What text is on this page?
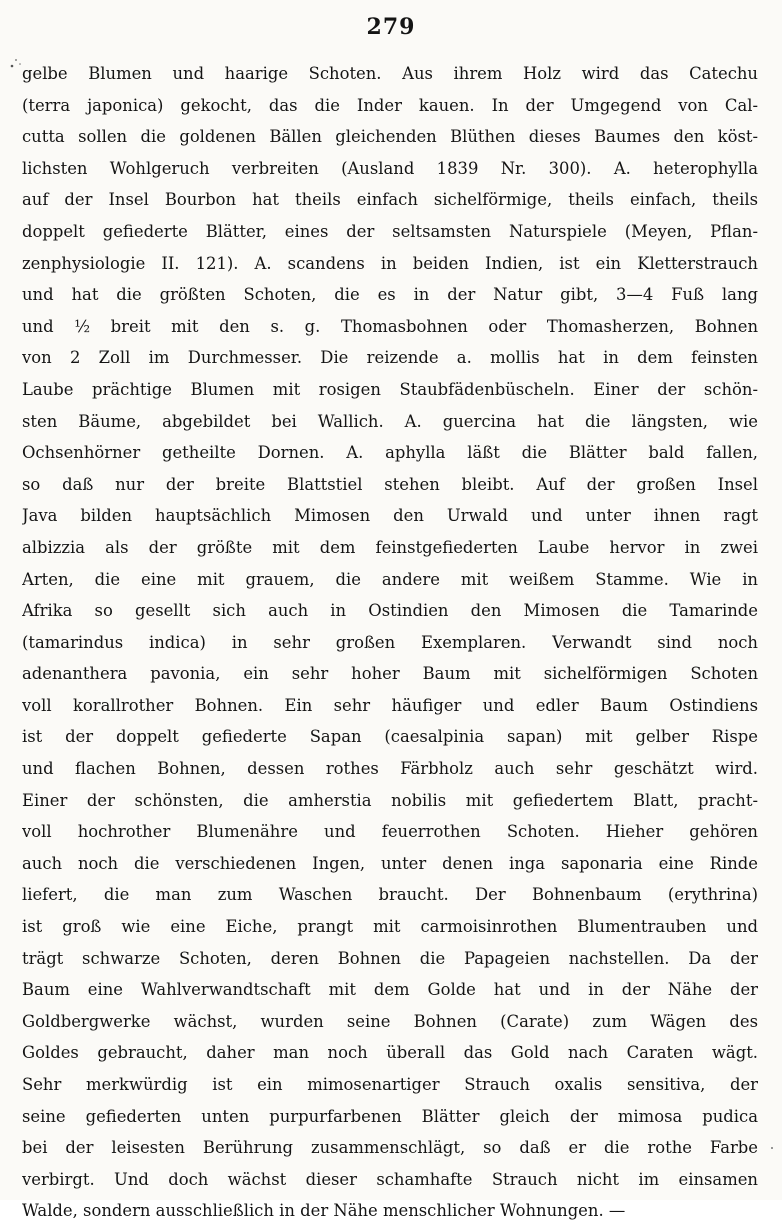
279
gelbe Blumen und haarige Schoten. Aus ihrem Holz wird das Catechu
(terra japonica) gekocht, das die Inder kauen. In der Umgegend von Cal-
cutta sollen die goldenen Bällen gleichenden Blüthen dieses Baumes den köst-
lichsten Wohlgeruch verbreiten (Ausland 1839 Nr. 300). A. heterophylla
auf der Insel Bourbon hat theils einfach sichelförmige, theils einfach, theils
doppelt gefiederte Blätter, eines der seltsamsten Naturspiele (Meyen, Pflan-
zenphysiologie II. 121). A. scandens in beiden Indien, ist ein Kletterstrauch
und hat die größten Schoten, die es in der Natur gibt, 3—4 Fuß lang
und ½ breit mit den s. g. Thomasbohnen oder Thomasherzen, Bohnen
von 2 Zoll im Durchmesser. Die reizende a. mollis hat in dem feinsten
Laube prächtige Blumen mit rosigen Staubfädenbüscheln. Einer der schön-
sten Bäume, abgebildet bei Wallich. A. guercina hat die längsten, wie
Ochsenhörner getheilte Dornen. A. aphylla läßt die Blätter bald fallen,
so daß nur der breite Blattstiel stehen bleibt. Auf der großen Insel
Java bilden hauptsächlich Mimosen den Urwald und unter ihnen ragt
albizzia als der größte mit dem feinstgefiederten Laube hervor in zwei
Arten, die eine mit grauem, die andere mit weißem Stamme. Wie in
Afrika so gesellt sich auch in Ostindien den Mimosen die Tamarinde
(tamarindus indica) in sehr großen Exemplaren. Verwandt sind noch
adenanthera pavonia, ein sehr hoher Baum mit sichelförmigen Schoten
voll korallrother Bohnen. Ein sehr häufiger und edler Baum Ostindiens
ist der doppelt gefiederte Sapan (caesalpinia sapan) mit gelber Rispe
und flachen Bohnen, dessen rothes Färbholz auch sehr geschätzt wird.
Einer der schönsten, die amherstia nobilis mit gefiedertem Blatt, pracht-
voll hochrother Blumenähre und feuerrothen Schoten. Hieher gehören
auch noch die verschiedenen Ingen, unter denen inga saponaria eine Rinde
liefert, die man zum Waschen braucht. Der Bohnenbaum (erythrina)
ist groß wie eine Eiche, prangt mit carmoisinrothen Blumentrauben und
trägt schwarze Schoten, deren Bohnen die Papageien nachstellen. Da der
Baum eine Wahlverwandtschaft mit dem Golde hat und in der Nähe der
Goldbergwerke wächst, wurden seine Bohnen (Carate) zum Wägen des
Goldes gebraucht, daher man noch überall das Gold nach Caraten wägt.
Sehr merkwürdig ist ein mimosenartiger Strauch oxalis sensitiva, der
seine gefiederten unten purpurfarbenen Blätter gleich der mimosa pudica
bei der leisesten Berührung zusammenschlägt, so daß er die rothe Farbe
verbirgt. Und doch wächst dieser schamhafte Strauch nicht im einsamen
Walde, sondern ausschließlich in der Nähe menschlicher Wohnungen. —
